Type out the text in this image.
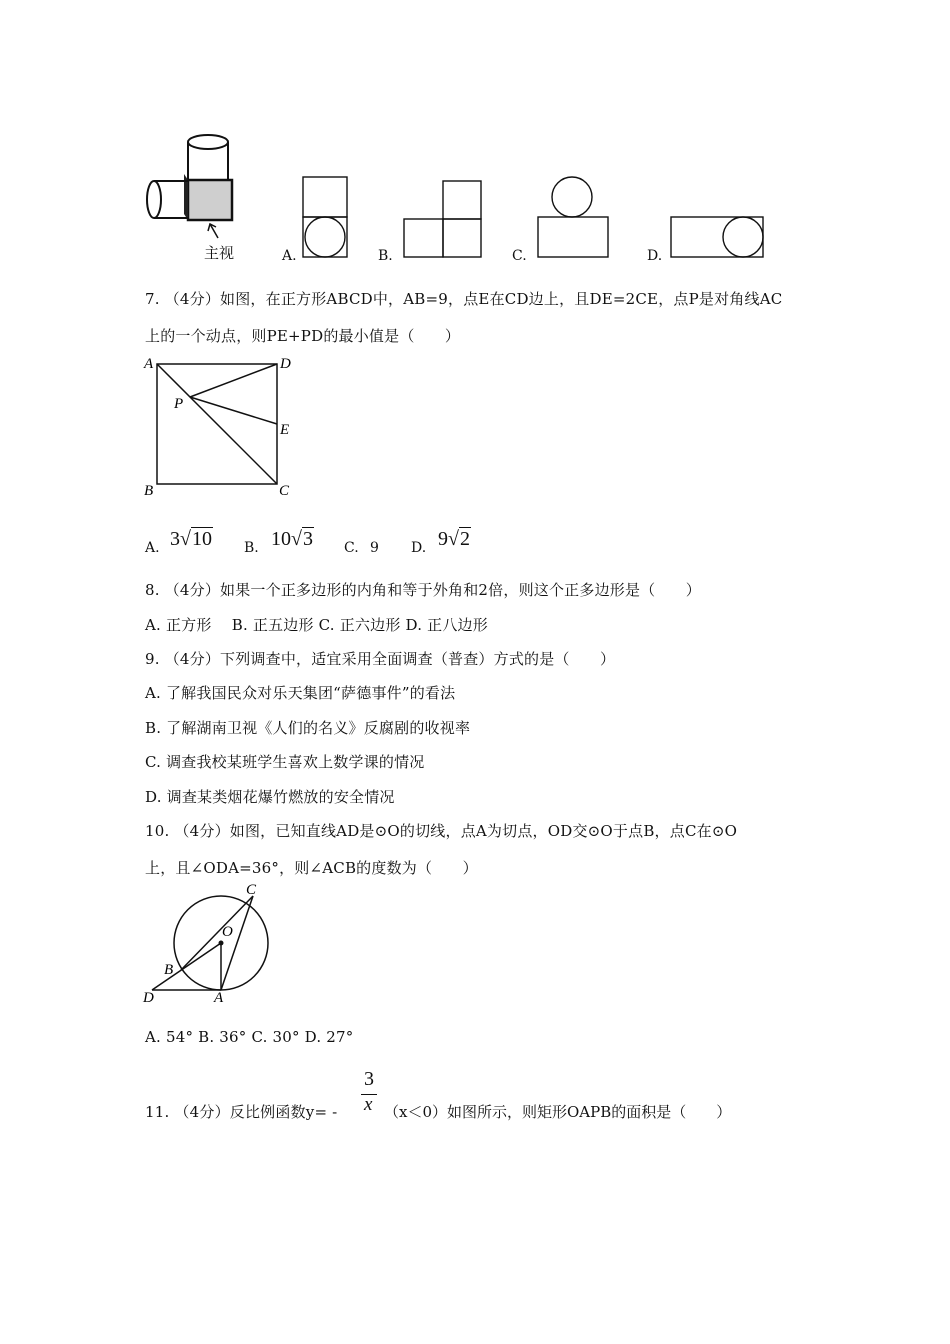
主视	A.	B.	C.	D.
7. （4分）如图，在正方形ABCD中，AB=9，点E在CD边上，且DE=2CE，点P是对角线AC
上的一个动点，则PE+PD的最小值是（　　）
A	D
P
E
B	C
A. 3√10 B. 10√3 C. 9 D. 9√2
8. （4分）如果一个正多边形的内角和等于外角和2倍，则这个正多边形是（　　）
A. 正方形　 B. 正五边形 C. 正六边形 D. 正八边形
9. （4分）下列调查中，适宜采用全面调查（普查）方式的是（　　）
A. 了解我国民众对乐天集团“萨德事件”的看法
B. 了解湖南卫视《人们的名义》反腐剧的收视率
C. 调查我校某班学生喜欢上数学课的情况
D. 调查某类烟花爆竹燃放的安全情况
10. （4分）如图，已知直线AD是⊙O的切线，点A为切点，OD交⊙O于点B，点C在⊙O
上，且∠ODA=36°，则∠ACB的度数为（　　）
C
O
B
D	A
A. 54° B. 36° C. 30° D. 27°
11. （4分）反比例函数y= -
3
x （x＜0）如图所示，则矩形OAPB的面积是（　　）
